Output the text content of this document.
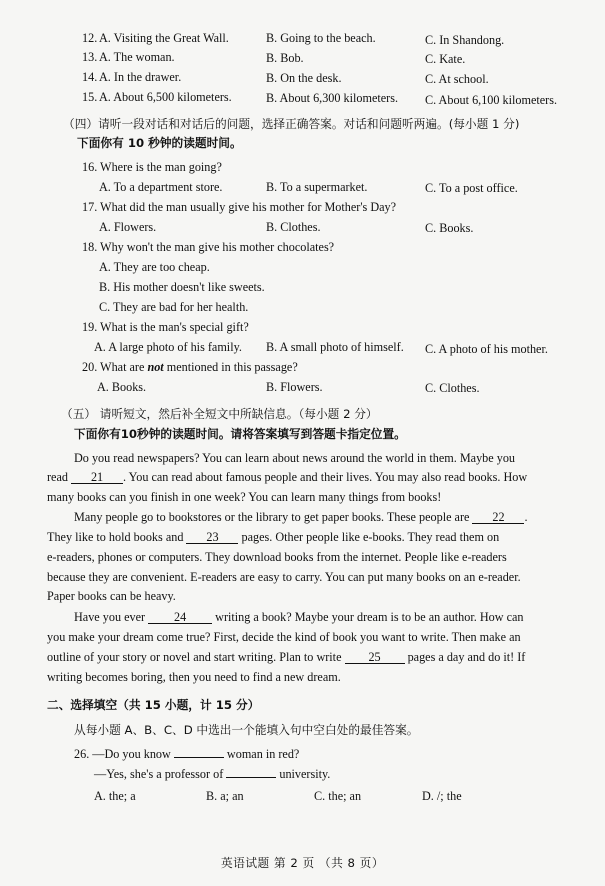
12. A. Visiting the Great Wall.	B. Going to the beach.	C. In Shandong.
13. A. The woman.	B. Bob.	C. Kate.
14. A. In the drawer.	B. On the desk.	C. At school.
15. A. About 6,500 kilometers.	B. About 6,300 kilometers. C. About 6,100 kilometers.
（四）请听一段对话和对话后的问题，选择正确答案。对话和问题听两遍。(每小题 1 分)
下面你有 10 秒钟的读题时间。
16. Where is the man going?
A. To a department store.	B. To a supermarket.	C. To a post office.
17. What did the man usually give his mother for Mother's Day?
A. Flowers.	B. Clothes.	C. Books.
18. Why won't the man give his mother chocolates?
A. They are too cheap.
B. His mother doesn't like sweets.
C. They are bad for her health.
19. What is the man's special gift?
A. A large photo of his family. B. A small photo of himself. C. A photo of his mother.
20. What are not mentioned in this passage?
A. Books.	B. Flowers.	C. Clothes.
（五） 请听短文，然后补全短文中所缺信息。（每小题 2 分）
下面你有10秒钟的读题时间。请将答案填写到答题卡指定位置。
Do you read newspapers? You can learn about news around the world in them. Maybe you
read 21 . You can read about famous people and their lives. You may also read books. How
many books can you finish in one week? You can learn many things from books!
Many people go to bookstores or the library to get paper books. These people are 22 .
They like to hold books and 23 pages. Other people like e-books. They read them on
e-readers, phones or computers. They download books from the internet. People like e-readers
because they are convenient. E-readers are easy to carry. You can put many books on an e-reader.
Paper books can be heavy.
Have you ever 24 writing a book? Maybe your dream is to be an author. How can
you make your dream come true? First, decide the kind of book you want to write. Then make an
outline of your story or novel and start writing. Plan to write 25 pages a day and do it! If
writing becomes boring, then you need to find a new dream.
二、选择填空（共 15 小题，计 15 分）
从每小题 A、B、C、D 中选出一个能填入句中空白处的最佳答案。
26. —Do you know	woman in red?
—Yes, she's a professor of	university.
A. the; a	B. a; an	C. the; an	D. /; the
英语试题 第 2 页 （共 8 页）
